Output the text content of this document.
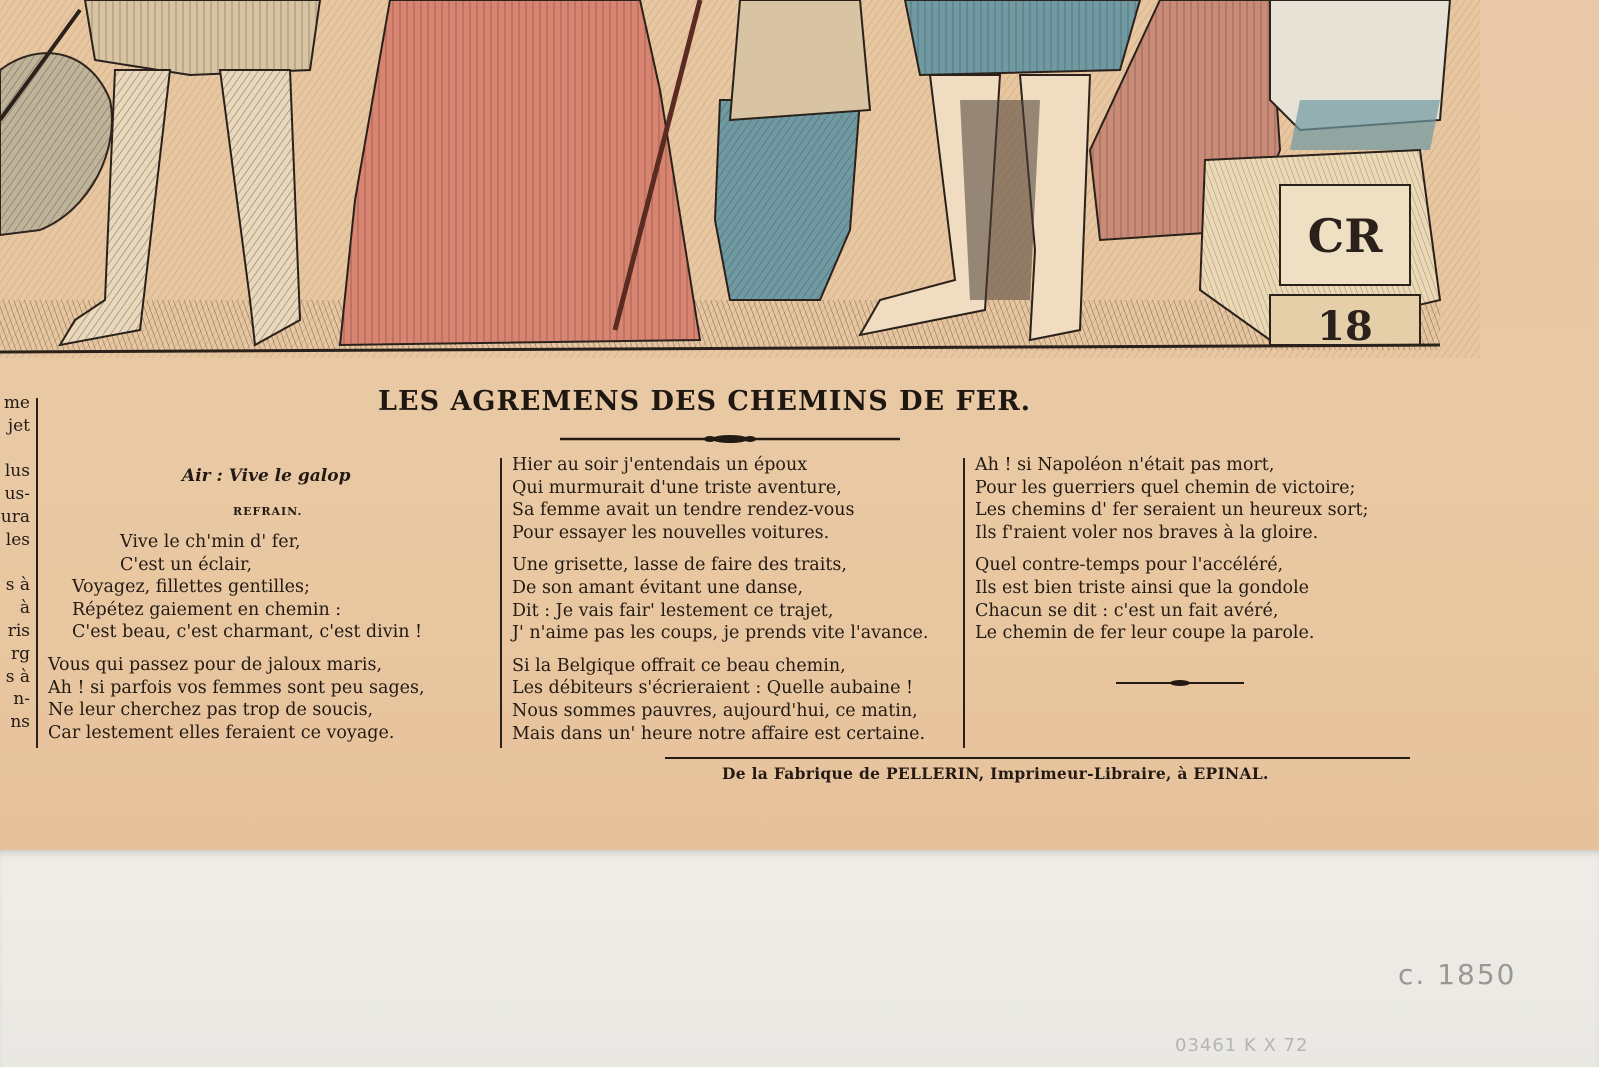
CR
18
me
jet

lus
us-
ura
les

s à
à
ris
rg
s à
n-
ns
LES AGREMENS DES CHEMINS DE FER.
Air : Vive le galop
REFRAIN.
Vive le ch'min d' fer,
C'est un éclair,
Voyagez, fillettes gentilles;
Répétez gaiement en chemin :
C'est beau, c'est charmant, c'est divin !
Vous qui passez pour de jaloux maris,
Ah ! si parfois vos femmes sont peu sages,
Ne leur cherchez pas trop de soucis,
Car lestement elles feraient ce voyage.
Hier au soir j'entendais un époux
Qui murmurait d'une triste aventure,
Sa femme avait un tendre rendez-vous
Pour essayer les nouvelles voitures.
Une grisette, lasse de faire des traits,
De son amant évitant une danse,
Dit : Je vais fair' lestement ce trajet,
J' n'aime pas les coups, je prends vite l'avance.
Si la Belgique offrait ce beau chemin,
Les débiteurs s'écrieraient : Quelle aubaine !
Nous sommes pauvres, aujourd'hui, ce matin,
Mais dans un' heure notre affaire est certaine.
Ah ! si Napoléon n'était pas mort,
Pour les guerriers quel chemin de victoire;
Les chemins d' fer seraient un heureux sort;
Ils f'raient voler nos braves à la gloire.
Quel contre-temps pour l'accéléré,
Ils est bien triste ainsi que la gondole
Chacun se dit : c'est un fait avéré,
Le chemin de fer leur coupe la parole.
De la Fabrique de PELLERIN, Imprimeur-Libraire, à EPINAL.
c. 1850
03461 K X 72
